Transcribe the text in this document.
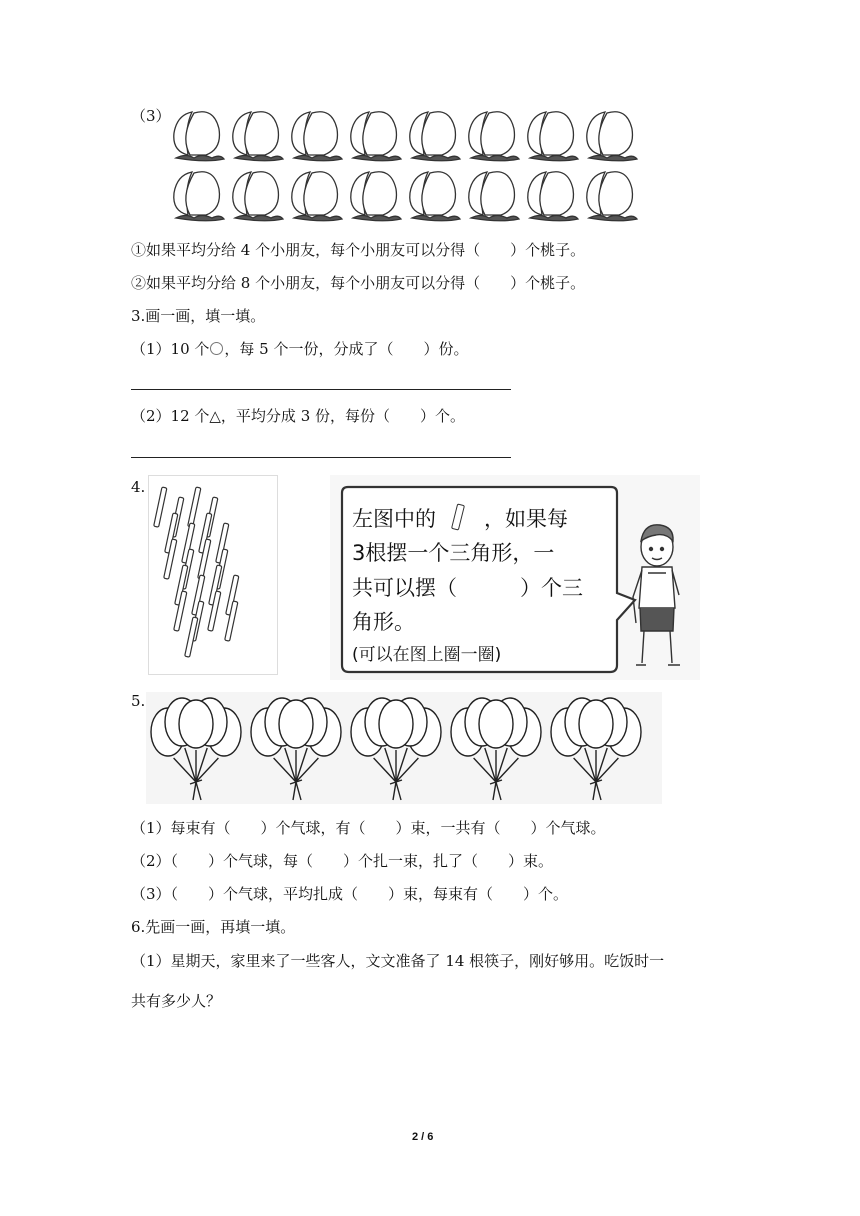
（3）
①如果平均分给 4 个小朋友，每个小朋友可以分得（　　）个桃子。
②如果平均分给 8 个小朋友，每个小朋友可以分得（　　）个桃子。
3.画一画，填一填。
（1）10 个 ，每 5 个一份，分成了（　　）份。
（2）12 个△，平均分成 3 份，每份（　　）个。
4.
左图中的 ，如果每
3根摆一个三角形，一
共可以摆（　　　）个三
角形。
(可以在图上圈一圈)
5.
（1）每束有（　　）个气球，有（　　）束，一共有（　　）个气球。
（2）（　　）个气球，每（　　）个扎一束，扎了（　　）束。
（3）（　　）个气球，平均扎成（　　）束，每束有（　　）个。
6.先画一画，再填一填。
（1）星期天，家里来了一些客人，文文准备了 14 根筷子，刚好够用。吃饭时一
共有多少人？
2 / 6
